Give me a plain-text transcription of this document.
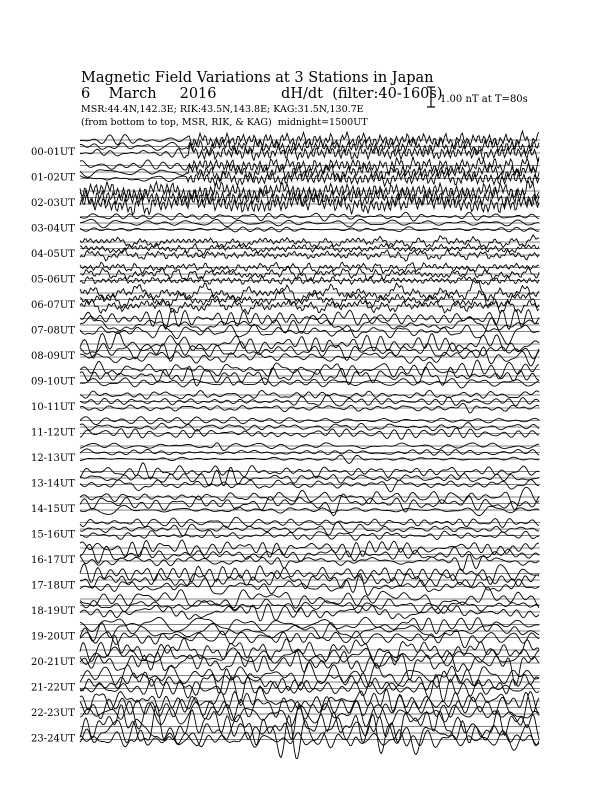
Magnetic Field Variations at 3 Stations in Japan
6 March 2016	dH/dt (filter:40-160s)
MSR:44.4N,142.3E; RIK:43.5N,143.8E; KAG:31.5N,130.7E
(from bottom to top, MSR, RIK, & KAG) midnight=1500UT
1.00 nT at T=80s
00-01UT
01-02UT
02-03UT
03-04UT
04-05UT
05-06UT
06-07UT
07-08UT
08-09UT
09-10UT
10-11UT
11-12UT
12-13UT
13-14UT
14-15UT
15-16UT
16-17UT
17-18UT
18-19UT
19-20UT
20-21UT
21-22UT
22-23UT
23-24UT
